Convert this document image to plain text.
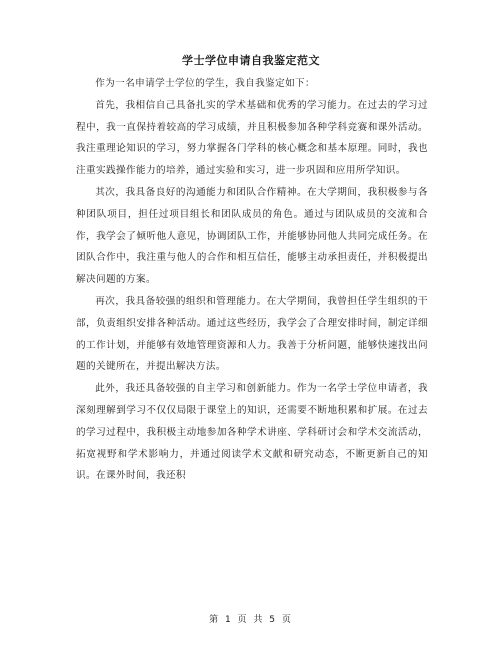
学士学位申请自我鉴定范文

作为一名申请学士学位的学生，我自我鉴定如下：

首先，我相信自己具备扎实的学术基础和优秀的学习能力。在过去的学习过程中，我一直保持着较高的学习成绩，并且积极参加各种学科竞赛和课外活动。我注重理论知识的学习，努力掌握各门学科的核心概念和基本原理。同时，我也注重实践操作能力的培养，通过实验和实习，进一步巩固和应用所学知识。

其次，我具备良好的沟通能力和团队合作精神。在大学期间，我积极参与各种团队项目，担任过项目组长和团队成员的角色。通过与团队成员的交流和合作，我学会了倾听他人意见，协调团队工作，并能够协同他人共同完成任务。在团队合作中，我注重与他人的合作和相互信任，能够主动承担责任，并积极提出解决问题的方案。

再次，我具备较强的组织和管理能力。在大学期间，我曾担任学生组织的干部，负责组织安排各种活动。通过这些经历，我学会了合理安排时间，制定详细的工作计划，并能够有效地管理资源和人力。我善于分析问题，能够快速找出问题的关键所在，并提出解决方法。

此外，我还具备较强的自主学习和创新能力。作为一名学士学位申请者，我深刻理解到学习不仅仅局限于课堂上的知识，还需要不断地积累和扩展。在过去的学习过程中，我积极主动地参加各种学术讲座、学科研讨会和学术交流活动，拓宽视野和学术影响力，并通过阅读学术文献和研究动态，不断更新自己的知识。在课外时间，我还积

第 1 页 共 5 页
